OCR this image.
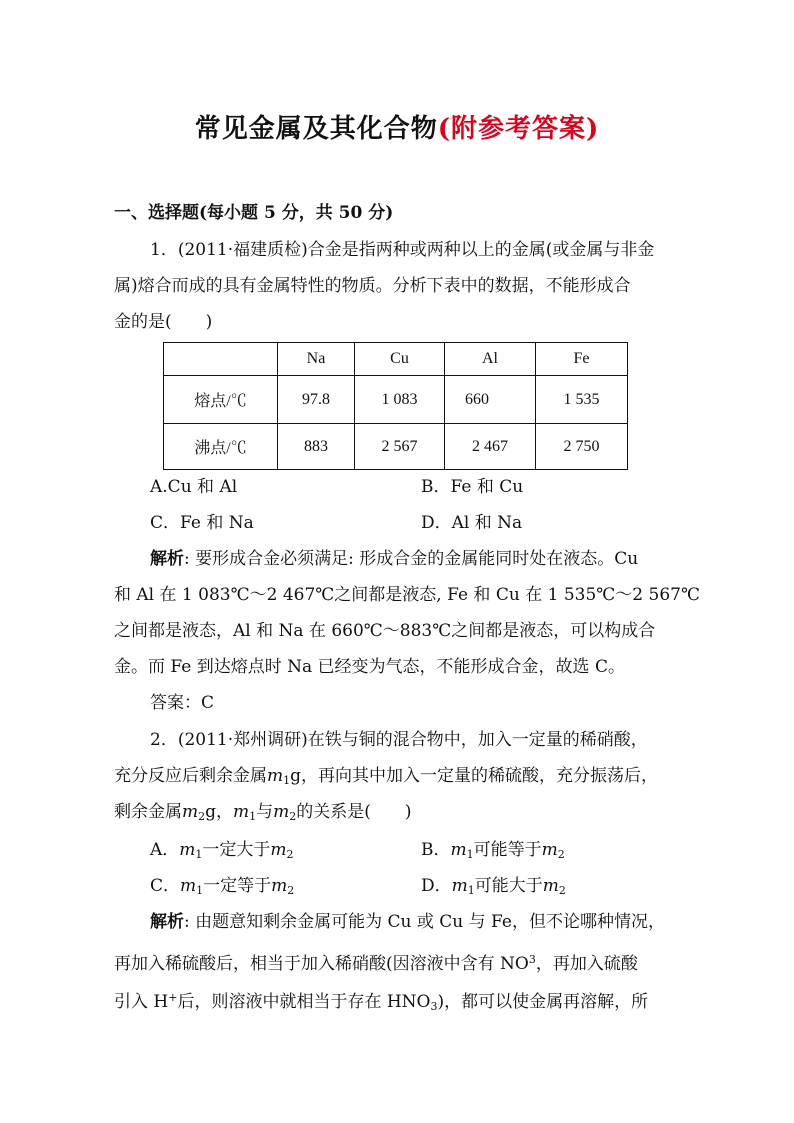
常见金属及其化合物(附参考答案)
一、选择题(每小题 5 分，共 50 分)
1．(2011·福建质检)合金是指两种或两种以上的金属(或金属与非金
属)熔合而成的具有金属特性的物质。分析下表中的数据，不能形成合
金的是(　　)
	Na	Cu	Al	Fe
熔点/℃	97.8	1 083	660	1 535
沸点/℃	883	2 567	2 467	2 750
A.Cu 和 Al	B．Fe 和 Cu
C．Fe 和 Na	D．Al 和 Na
解析: 要形成合金必须满足: 形成合金的金属能同时处在液态。Cu
和 Al 在 1 083℃～2 467℃之间都是液态, Fe 和 Cu 在 1 535℃～2 567℃
之间都是液态，Al 和 Na 在 660℃～883℃之间都是液态，可以构成合
金。而 Fe 到达熔点时 Na 已经变为气态，不能形成合金，故选 C。
答案：C
2．(2011·郑州调研)在铁与铜的混合物中，加入一定量的稀硝酸，
充分反应后剩余金属$m_1g$，再向其中加入一定量的稀硫酸，充分振荡后，
剩余金属$m_2g$，$m_1$与$m_2$的关系是(　　)
A．$m_1$一定大于$m_2$	B．$m_1$可能等于$m_2$
C．$m_1$一定等于$m_2$	D．$m_1$可能大于$m_2$
解析: 由题意知剩余金属可能为 Cu 或 Cu 与 Fe，但不论哪种情况，
再加入稀硫酸后，相当于加入稀硝酸(因溶液中含有 $NO^3$，再加入硫酸
引入 H+后，则溶液中就相当于存在 $HNO_3$)，都可以使金属再溶解，所
